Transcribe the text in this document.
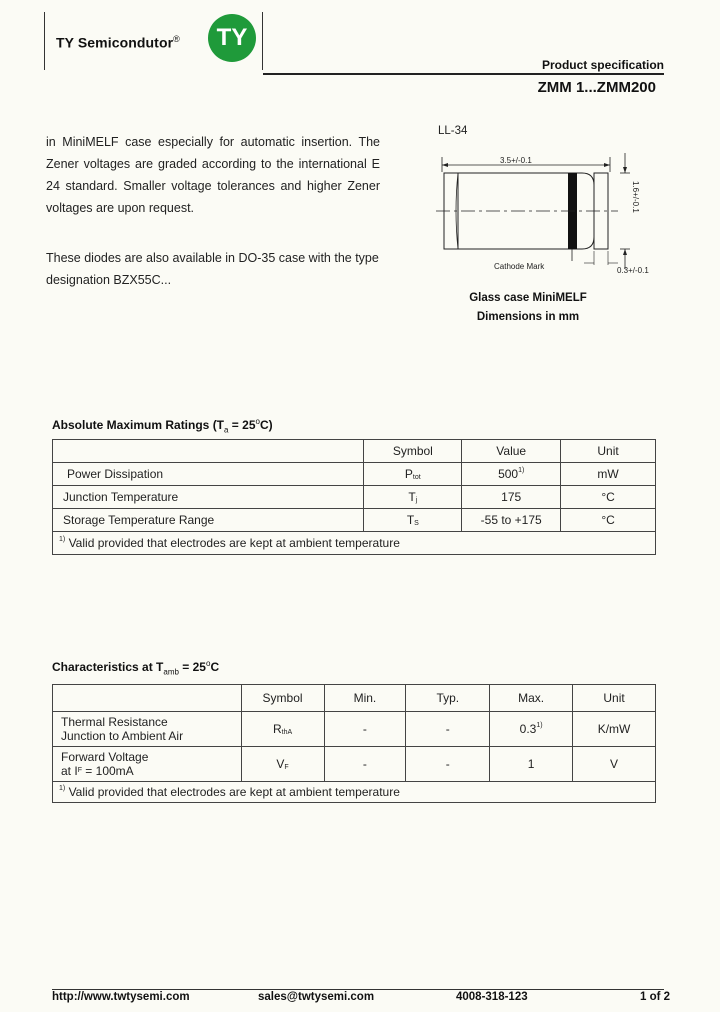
TY Semicondutor®	TY
Product specification
ZMM 1...ZMM200
in MiniMELF case especially for automatic insertion. The Zener voltages are graded according to the international E 24 standard. Smaller voltage tolerances and higher Zener voltages are upon request.
These diodes are also available in DO-35 case with the type designation BZX55C...
LL-34
1.6+/-0.1
Cathode Mark	0.3+/-0.1
3.5+/-0.1
Glass case MiniMELF
Dimensions in mm
Absolute Maximum Ratings $(T_a = 25^oC)$
	Symbol	Value	Unit
Power Dissipation	Ptot	500$^{1)}$	mW
Junction Temperature	Tj	175	°C
Storage Temperature Range	TS	-55 to +175	°C
$^{1)}$ Valid provided that electrodes are kept at ambient temperature			
Characteristics at $T_{amb} = 25^oC$
	Symbol	Min.	Typ.	Max.	Unit

Thermal Resistance
Junction to Ambient Air	RthA	-	-	0.3$^{1)}$	K/mW

Forward Voltage
at IF = 100mA	VF	-	-	1	V
$^{1)}$ Valid provided that electrodes are kept at ambient temperature					
http://www.twtysemi.com	sales@twtysemi.com	4008-318-123	1 of 2
